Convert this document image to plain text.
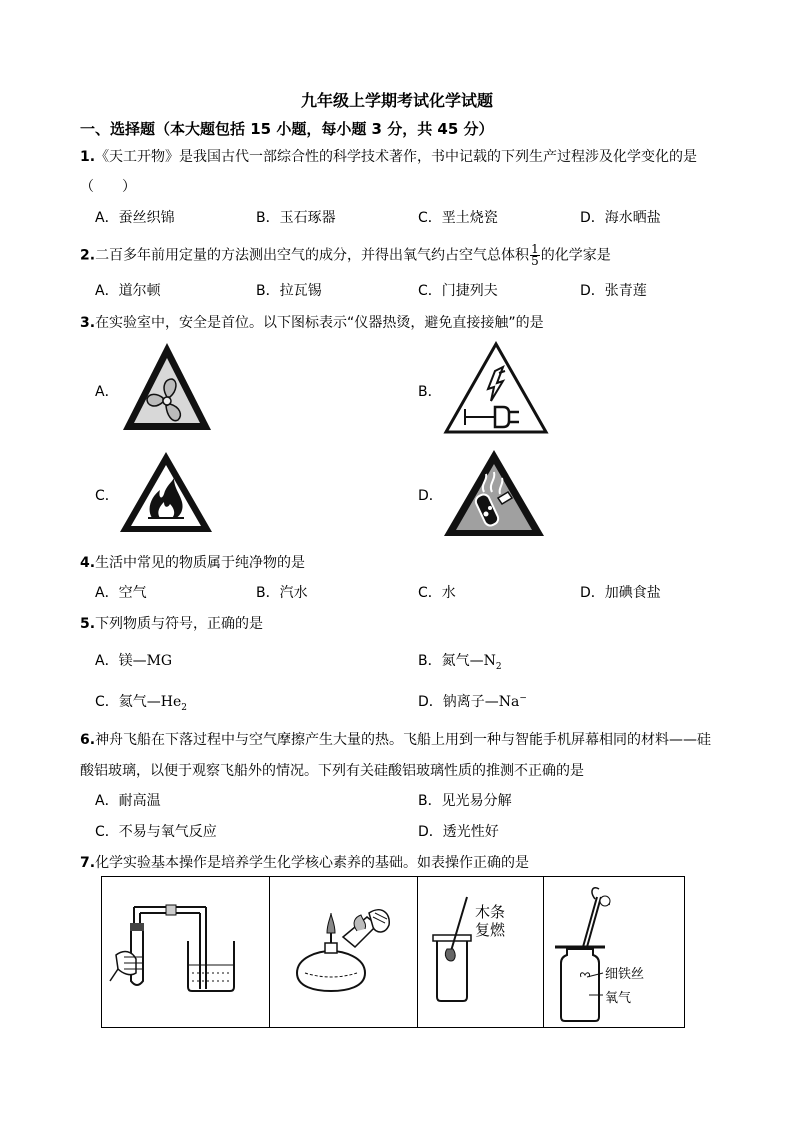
九年级上学期考试化学试题
一、选择题（本大题包括 15 小题，每小题 3 分，共 45 分）
1.《天工开物》是我国古代一部综合性的科学技术著作，书中记载的下列生产过程涉及化学变化的是
（　　）
A．蚕丝织锦	B．玉石琢器	C．垩土烧瓷	D．海水晒盐
2.二百多年前用定量的方法测出空气的成分，并得出氧气约占空气总体积 $\frac{1}{5}$ 的化学家是
A．道尔顿	B．拉瓦锡	C．门捷列夫	D．张青莲
3.在实验室中，安全是首位。以下图标表示“仪器热烫，避免直接接触”的是
A．	B．
C．	D．
4.生活中常见的物质属于纯净物的是
A．空气	B．汽水	C．水	D．加碘食盐
5.下列物质与符号，正确的是
A．镁—MG	B．氮气$—N_2$
C．氦气$—He_2$	D．钠离子—Na−
6.神舟飞船在下落过程中与空气摩擦产生大量的热。飞船上用到一种与智能手机屏幕相同的材料——硅
酸铝玻璃，以便于观察飞船外的情况。下列有关硅酸铝玻璃性质的推测不正确的是
A．耐高温	B．见光易分解
C．不易与氧气反应	D．透光性好
7.化学实验基本操作是培养学生化学核心素养的基础。如表操作正确的是
木条
复燃
细铁丝
氧气
